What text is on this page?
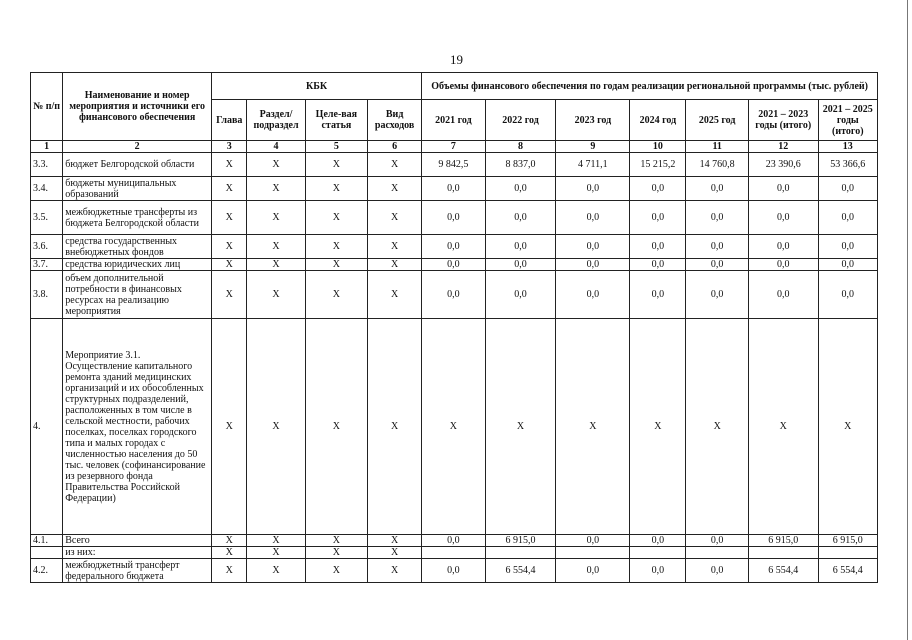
19
№ п/п	Наименование и номер мероприятия и источники его финансового обеспечения	КБК				Объемы финансового обеспечения по годам реализации региональной программы (тыс. рублей)						
		Глава	Раздел/ подраздел	Целе-вая статья	Вид расходов	2021 год	2022 год	2023 год	2024 год	2025 год	2021 – 2023 годы (итого)	2021 – 2025 годы (итого)
1	2	3	4	5	6	7	8	9	10	11	12	13
3.3.	бюджет Белгородской области	X	X	X	X	9 842,5	8 837,0	4 711,1	15 215,2	14 760,8	23 390,6	53 366,6
3.4.	бюджеты муниципальных образований	X	X	X	X	0,0	0,0	0,0	0,0	0,0	0,0	0,0
3.5.	межбюджетные трансферты из бюджета Белгородской области	X	X	X	X	0,0	0,0	0,0	0,0	0,0	0,0	0,0
3.6.	средства государственных внебюджетных фондов	X	X	X	X	0,0	0,0	0,0	0,0	0,0	0,0	0,0
3.7.	средства юридических лиц	X	X	X	X	0,0	0,0	0,0	0,0	0,0	0,0	0,0
3.8.	объем дополнительной потребности в финансовых ресурсах на реализацию мероприятия	X	X	X	X	0,0	0,0	0,0	0,0	0,0	0,0	0,0
4.	Мероприятие 3.1. Осуществление капитального ремонта зданий медицинских организаций и их обособленных структурных подразделений, расположенных в том числе в сельской местности, рабочих поселках, поселках городского типа и малых городах с численностью населения до 50 тыс. человек (софинансирование из резервного фонда Правительства Российской Федерации)	X	X	X	X	X	X	X	X	X	X	X
4.1.	Всего	X	X	X	X	0,0	6 915,0	0,0	0,0	0,0	6 915,0	6 915,0
	из них:	X	X	X	X							
4.2.	межбюджетный трансферт федерального бюджета	X	X	X	X	0,0	6 554,4	0,0	0,0	0,0	6 554,4	6 554,4
